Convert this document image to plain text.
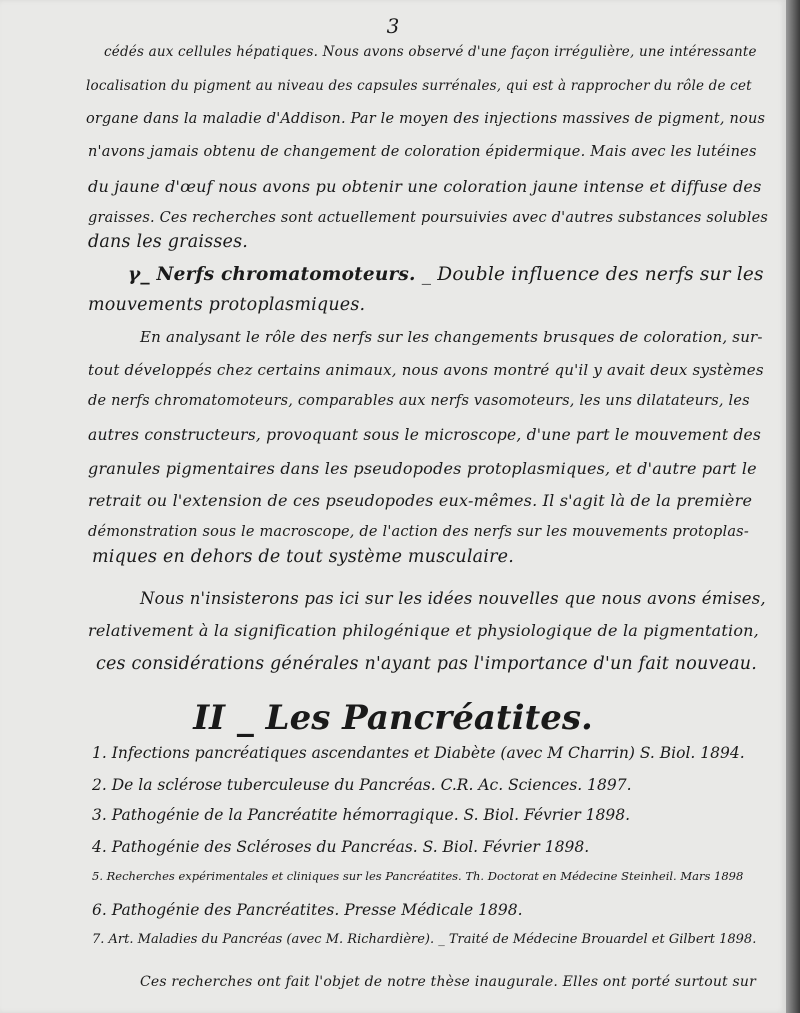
3
cédés aux cellules hépatiques. Nous avons observé d'une façon irrégulière, une intéressante
localisation du pigment au niveau des capsules surrénales, qui est à rapprocher du rôle de cet
organe dans la maladie d'Addison. Par le moyen des injections massives de pigment, nous
n'avons jamais obtenu de changement de coloration épidermique. Mais avec les lutéines
du jaune d'œuf nous avons pu obtenir une coloration jaune intense et diffuse des
graisses. Ces recherches sont actuellement poursuivies avec d'autres substances solubles
dans les graisses.
γ_ Nerfs chromatomoteurs. _ Double influence des nerfs sur les
mouvements protoplasmiques.
En analysant le rôle des nerfs sur les changements brusques de coloration, sur-
tout développés chez certains animaux, nous avons montré qu'il y avait deux systèmes
de nerfs chromatomoteurs, comparables aux nerfs vasomoteurs, les uns dilatateurs, les
autres constructeurs, provoquant sous le microscope, d'une part le mouvement des
granules pigmentaires dans les pseudopodes protoplasmiques, et d'autre part le
retrait ou l'extension de ces pseudopodes eux-mêmes. Il s'agit là de la première
démonstration sous le macroscope, de l'action des nerfs sur les mouvements protoplas-
miques en dehors de tout système musculaire.
Nous n'insisterons pas ici sur les idées nouvelles que nous avons émises,
relativement à la signification philogénique et physiologique de la pigmentation,
ces considérations générales n'ayant pas l'importance d'un fait nouveau.
II _ Les Pancréatites.
1. Infections pancréatiques ascendantes et Diabète (avec M Charrin) S. Biol. 1894.
2. De la sclérose tuberculeuse du Pancréas. C.R. Ac. Sciences. 1897.
3. Pathogénie de la Pancréatite hémorragique. S. Biol. Février 1898.
4. Pathogénie des Scléroses du Pancréas. S. Biol. Février 1898.
5. Recherches expérimentales et cliniques sur les Pancréatites. Th. Doctorat en Médecine Steinheil. Mars 1898
6. Pathogénie des Pancréatites. Presse Médicale 1898.
7. Art. Maladies du Pancréas (avec M. Richardière). _ Traité de Médecine Brouardel et Gilbert 1898.
Ces recherches ont fait l'objet de notre thèse inaugurale. Elles ont porté surtout sur
